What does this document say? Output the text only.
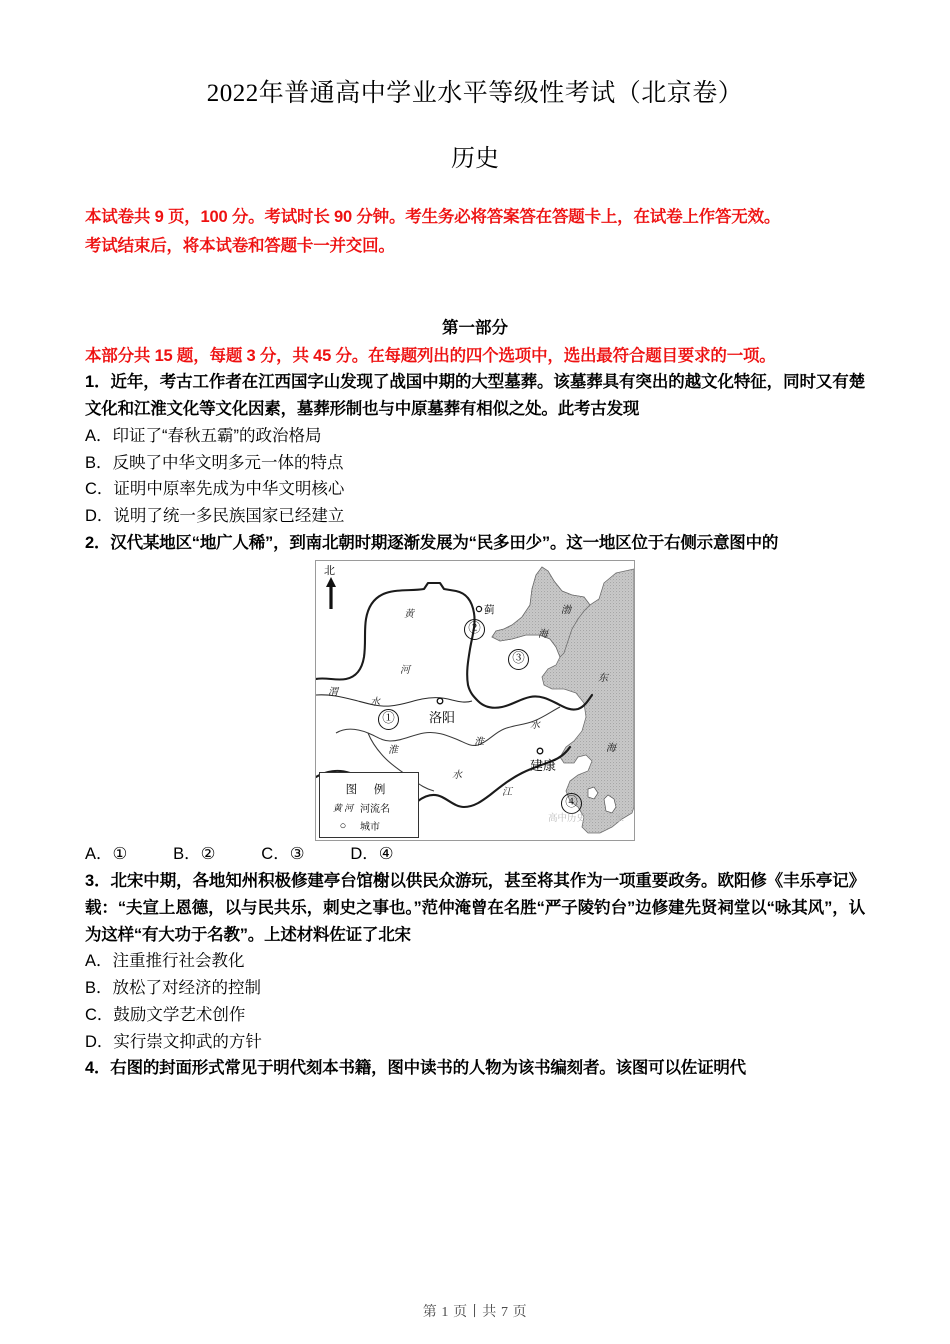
2022年普通高中学业水平等级性考试（北京卷）
历史
本试卷共 9 页，100 分。考试时长 90 分钟。考生务必将答案答在答题卡上，在试卷上作答无效。
考试结束后，将本试卷和答题卡一并交回。
第一部分
本部分共 15 题，每题 3 分，共 45 分。在每题列出的四个选项中，选出最符合题目要求的一项。
1．近年，考古工作者在江西国字山发现了战国中期的大型墓葬。该墓葬具有突出的越文化特征，同时又有楚文化和江淮文化等文化因素，墓葬形制也与中原墓葬有相似之处。此考古发现
A．印证了“春秋五霸”的政治格局
B．反映了中华文明多元一体的特点
C．证明中原率先成为中华文明核心
D．说明了统一多民族国家已经建立
2．汉代某地区“地广人稀”，到南北朝时期逐渐发展为“民多田少”。这一地区位于右侧示意图中的
北
黄
河
渭
水
淮
水
江
淮
水
渤
海
东
海
蓟
洛阳
建康
①
②
③
④
图 例
黄 河 河流名
○	城市
高中历史学习之家
A．①          B．②          C．③          D．④
3．北宋中期，各地知州积极修建亭台馆榭以供民众游玩，甚至将其作为一项重要政务。欧阳修《丰乐亭记》载：“夫宣上恩德，以与民共乐，刺史之事也。”范仲淹曾在名胜“严子陵钓台”边修建先贤祠堂以“咏其风”，认为这样“有大功于名教”。上述材料佐证了北宋
A．注重推行社会教化
B．放松了对经济的控制
C．鼓励文学艺术创作
D．实行崇文抑武的方针
4．右图的封面形式常见于明代刻本书籍，图中读书的人物为该书编刻者。该图可以佐证明代
第 1 页丨共 7 页
